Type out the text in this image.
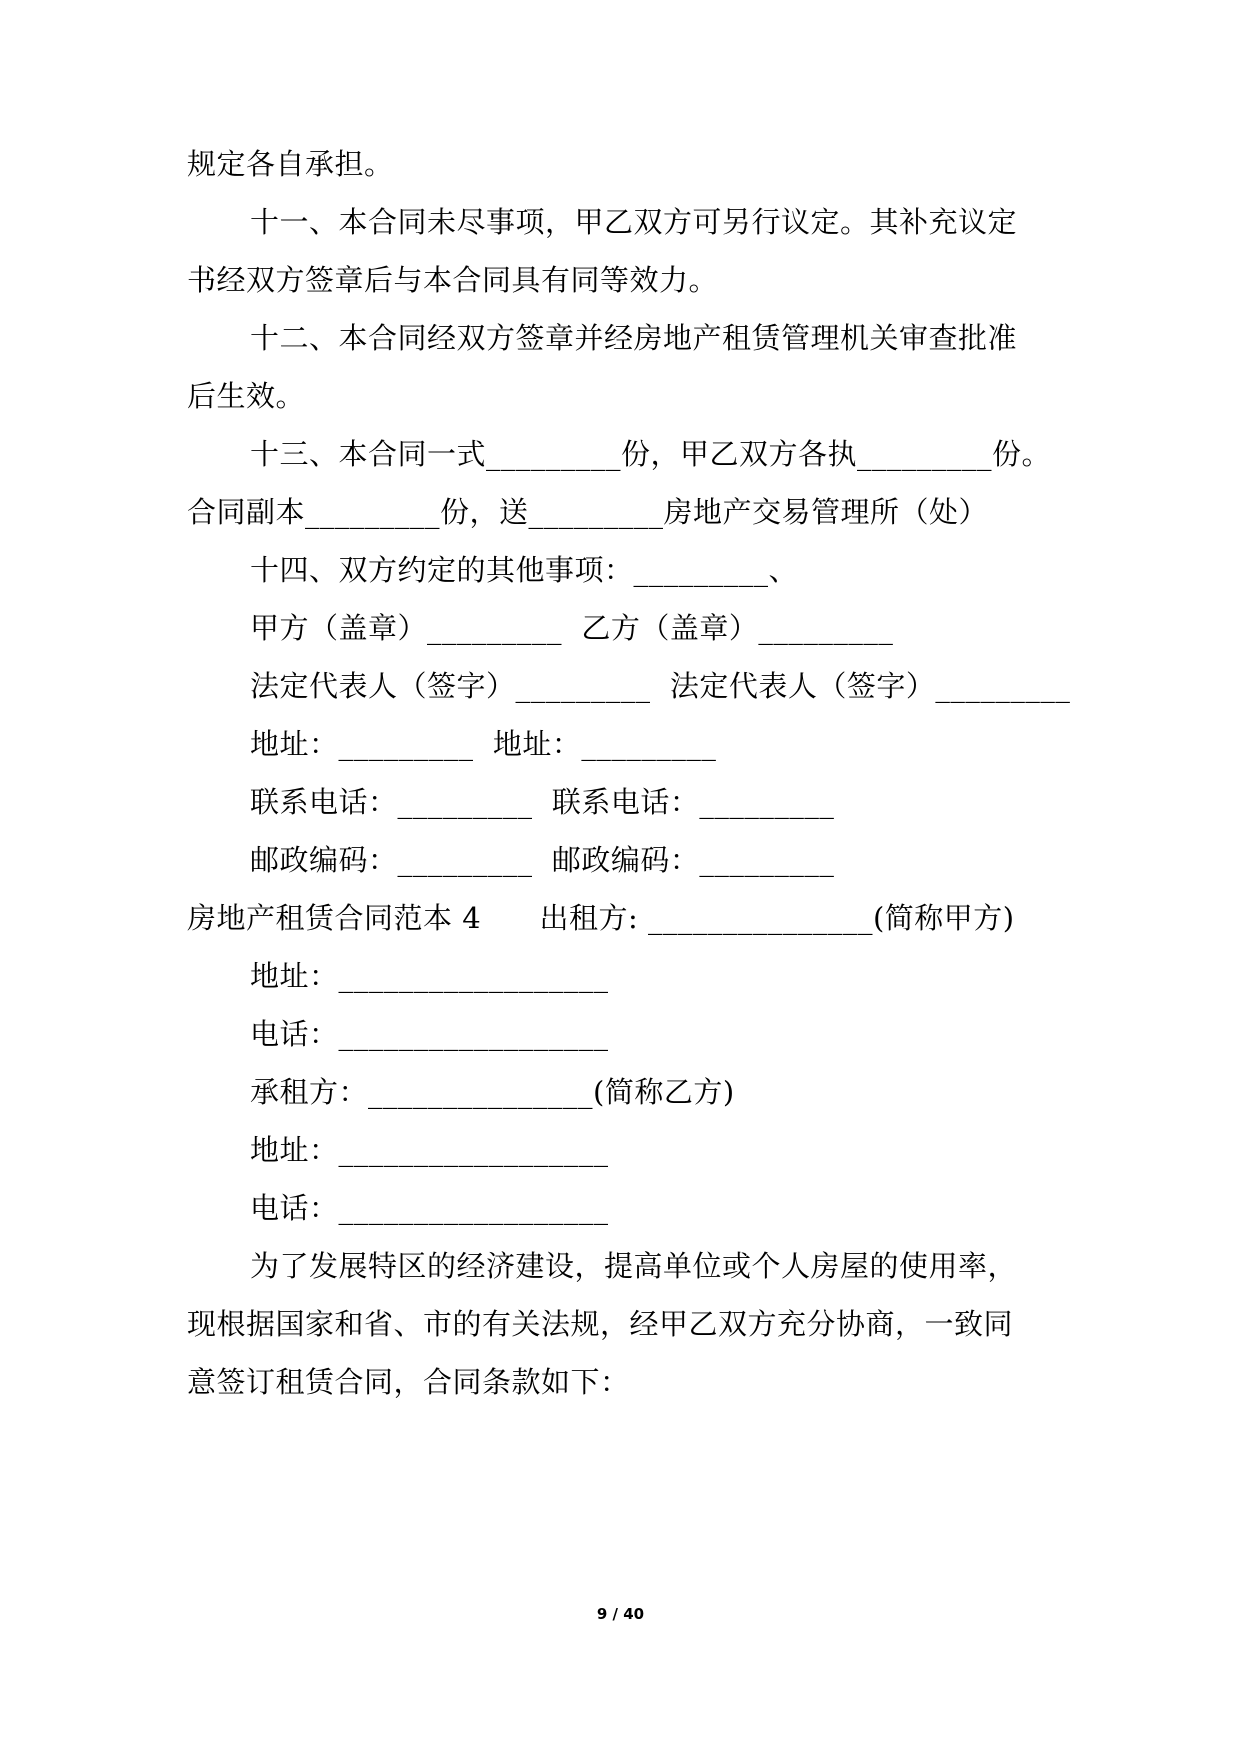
规定各自承担。
十一、本合同未尽事项，甲乙双方可另行议定。其补充议定
书经双方签章后与本合同具有同等效力。
十二、本合同经双方签章并经房地产租赁管理机关审查批准
后生效。
十三、本合同一式_________份，甲乙双方各执_________份。
合同副本_________份，送_________房地产交易管理所（处）
十四、双方约定的其他事项：_________、
甲方（盖章）_________  乙方（盖章）_________
法定代表人（签字）_________  法定代表人（签字）_________
地址：_________  地址：_________
联系电话：_________  联系电话：_________
邮政编码：_________  邮政编码：_________
房地产租赁合同范本 4      出租方: _______________(简称甲方)
地址：__________________
电话：__________________
承租方：_______________(简称乙方)
地址：__________________
电话：__________________
为了发展特区的经济建设，提高单位或个人房屋的使用率，
现根据国家和省、市的有关法规，经甲乙双方充分协商，一致同
意签订租赁合同，合同条款如下：
9 / 40
